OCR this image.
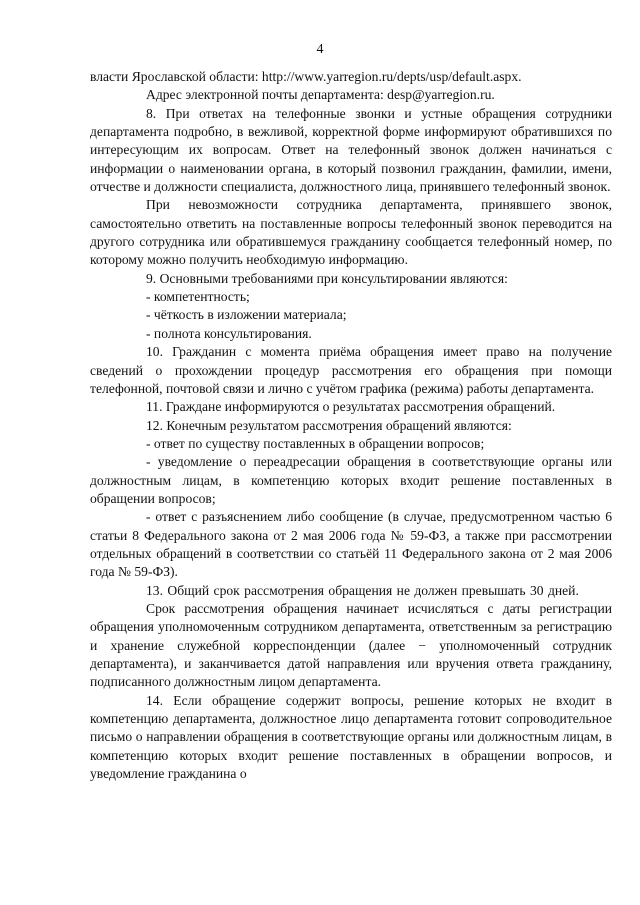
4

власти Ярославской области: http://www.yarregion.ru/depts/usp/default.aspx.

Адрес электронной почты департамента: desp@yarregion.ru.

8. При ответах на телефонные звонки и устные обращения сотрудники департамента подробно, в вежливой, корректной форме информируют обратившихся по интересующим их вопросам. Ответ на телефонный звонок должен начинаться с информации о наименовании органа, в который позвонил гражданин, фамилии, имени, отчестве и должности специалиста, должностного лица, принявшего телефонный звонок.

При невозможности сотрудника департамента, принявшего звонок, самостоятельно ответить на поставленные вопросы телефонный звонок переводится на другого сотрудника или обратившемуся гражданину сообщается телефонный номер, по которому можно получить необходимую информацию.

9. Основными требованиями при консультировании являются:

- компетентность;

- чёткость в изложении материала;

- полнота консультирования.

10. Гражданин с момента приёма обращения имеет право на получение сведений о прохождении процедур рассмотрения его обращения при помощи телефонной, почтовой связи и лично с учётом графика (режима) работы департамента.

11. Граждане информируются о результатах рассмотрения обращений.

12. Конечным результатом рассмотрения обращений являются:

- ответ по существу поставленных в обращении вопросов;

- уведомление о переадресации обращения в соответствующие органы или должностным лицам, в компетенцию которых входит решение поставленных в обращении вопросов;

- ответ с разъяснением либо сообщение (в случае, предусмотренном частью 6 статьи 8 Федерального закона от 2 мая 2006 года № 59-ФЗ, а также при рассмотрении отдельных обращений в соответствии со статьёй 11 Федерального закона от 2 мая 2006 года № 59-ФЗ).

13. Общий срок рассмотрения обращения не должен превышать 30 дней.

Срок рассмотрения обращения начинает исчисляться с даты регистрации обращения уполномоченным сотрудником департамента, ответственным за регистрацию и хранение служебной корреспонденции (далее − уполномоченный сотрудник департамента), и заканчивается датой направления или вручения ответа гражданину, подписанного должностным лицом департамента.

14. Если обращение содержит вопросы, решение которых не входит в компетенцию департамента, должностное лицо департамента готовит сопроводительное письмо о направлении обращения в соответствующие органы или должностным лицам, в компетенцию которых входит решение поставленных в обращении вопросов, и уведомление гражданина о
